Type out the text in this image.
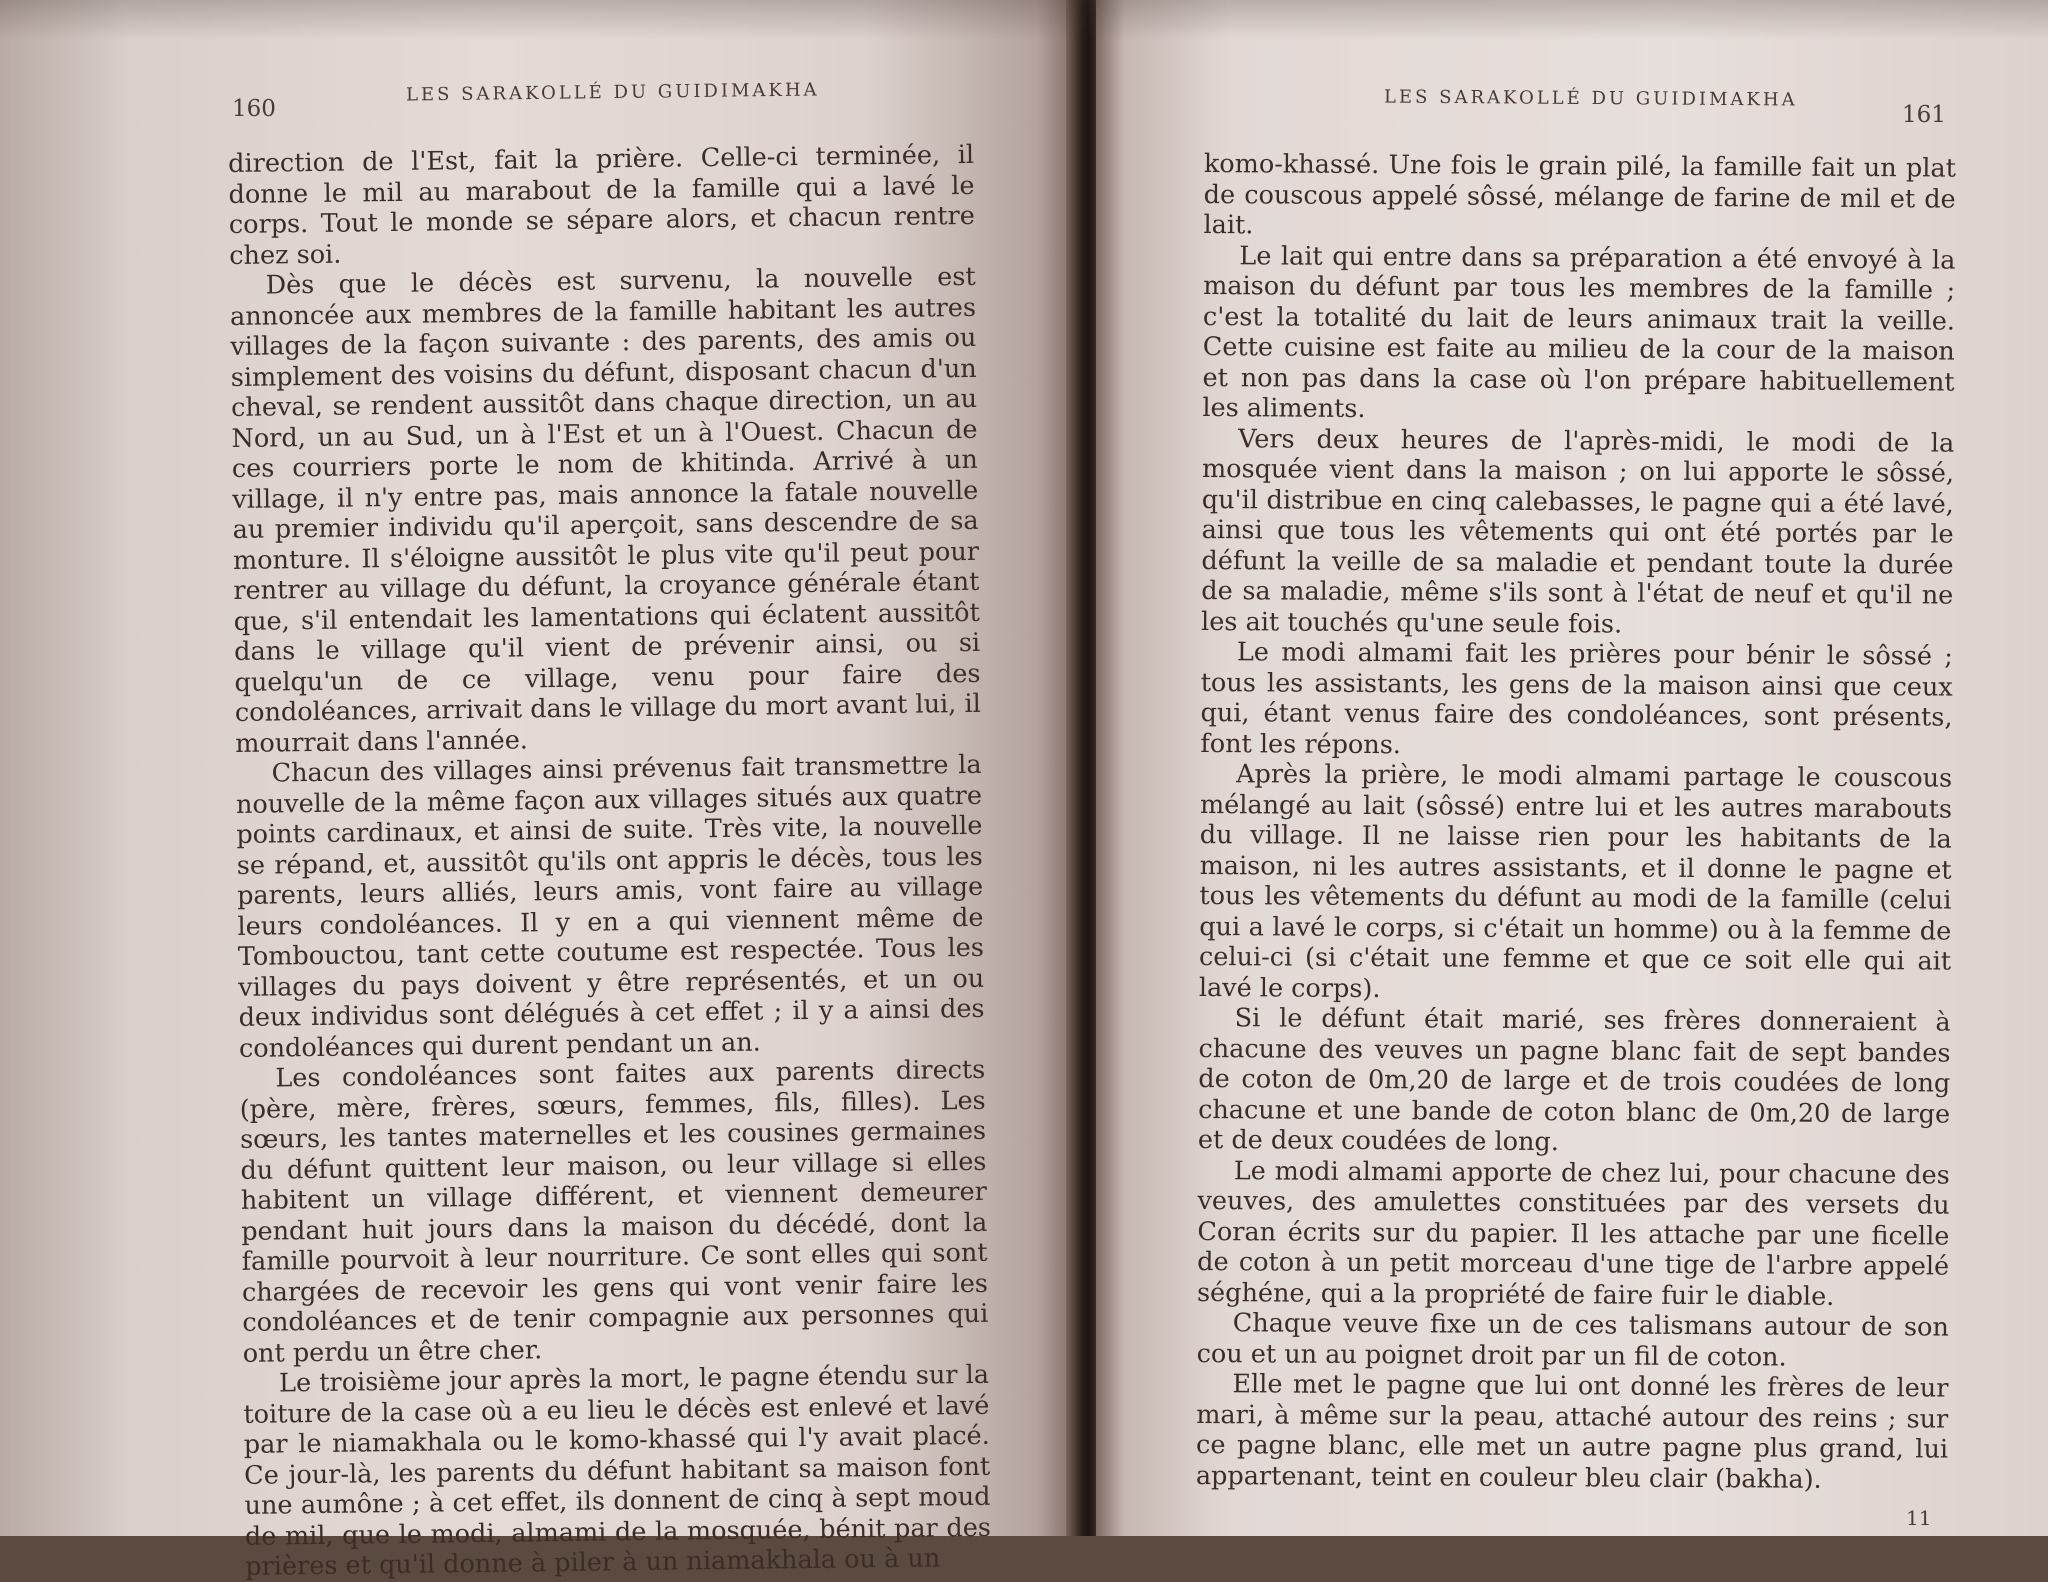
160
LES SARAKOLLÉ DU GUIDIMAKHA

direction de l'Est, fait la prière. Celle-ci terminée, il donne le mil au marabout de la famille qui a lavé le corps. Tout le monde se sépare alors, et chacun rentre chez soi.

Dès que le décès est survenu, la nouvelle est annoncée aux membres de la famille habitant les autres villages de la façon suivante : des parents, des amis ou simplement des voisins du défunt, disposant chacun d'un cheval, se rendent aussitôt dans chaque direction, un au Nord, un au Sud, un à l'Est et un à l'Ouest. Chacun de ces courriers porte le nom de khitinda. Arrivé à un village, il n'y entre pas, mais annonce la fatale nouvelle au premier individu qu'il aperçoit, sans descendre de sa monture. Il s'éloigne aussitôt le plus vite qu'il peut pour rentrer au village du défunt, la croyance générale étant que, s'il entendait les lamentations qui éclatent aussitôt dans le village qu'il vient de prévenir ainsi, ou si quelqu'un de ce village, venu pour faire des condoléances, arrivait dans le village du mort avant lui, il mourrait dans l'année.

Chacun des villages ainsi prévenus fait transmettre la nouvelle de la même façon aux villages situés aux quatre points cardinaux, et ainsi de suite. Très vite, la nouvelle se répand, et, aussitôt qu'ils ont appris le décès, tous les parents, leurs alliés, leurs amis, vont faire au village leurs condoléances. Il y en a qui viennent même de Tombouctou, tant cette coutume est respectée. Tous les villages du pays doivent y être représentés, et un ou deux individus sont délégués à cet effet ; il y a ainsi des condoléances qui durent pendant un an.

Les condoléances sont faites aux parents directs (père, mère, frères, sœurs, femmes, fils, filles). Les sœurs, les tantes maternelles et les cousines germaines du défunt quittent leur maison, ou leur village si elles habitent un village différent, et viennent demeurer pendant huit jours dans la maison du décédé, dont la famille pourvoit à leur nourriture. Ce sont elles qui sont chargées de recevoir les gens qui vont venir faire les condoléances et de tenir compagnie aux personnes qui ont perdu un être cher.

Le troisième jour après la mort, le pagne étendu sur la toiture de la case où a eu lieu le décès est enlevé et lavé par le niamakhala ou le komo-khassé qui l'y avait placé. Ce jour-là, les parents du défunt habitant sa maison font une aumône ; à cet effet, ils donnent de cinq à sept moud de mil, que le modi, almami de la mosquée, bénit par des prières et qu'il donne à piler à un niamakhala ou à un

LES SARAKOLLÉ DU GUIDIMAKHA
161

komo-khassé. Une fois le grain pilé, la famille fait un plat de couscous appelé sôssé, mélange de farine de mil et de lait.

Le lait qui entre dans sa préparation a été envoyé à la maison du défunt par tous les membres de la famille ; c'est la totalité du lait de leurs animaux trait la veille. Cette cuisine est faite au milieu de la cour de la maison et non pas dans la case où l'on prépare habituellement les aliments.

Vers deux heures de l'après-midi, le modi de la mosquée vient dans la maison ; on lui apporte le sôssé, qu'il distribue en cinq calebasses, le pagne qui a été lavé, ainsi que tous les vêtements qui ont été portés par le défunt la veille de sa maladie et pendant toute la durée de sa maladie, même s'ils sont à l'état de neuf et qu'il ne les ait touchés qu'une seule fois.

Le modi almami fait les prières pour bénir le sôssé ; tous les assistants, les gens de la maison ainsi que ceux qui, étant venus faire des condoléances, sont présents, font les répons.

Après la prière, le modi almami partage le couscous mélangé au lait (sôssé) entre lui et les autres marabouts du village. Il ne laisse rien pour les habitants de la maison, ni les autres assistants, et il donne le pagne et tous les vêtements du défunt au modi de la famille (celui qui a lavé le corps, si c'était un homme) ou à la femme de celui-ci (si c'était une femme et que ce soit elle qui ait lavé le corps).

Si le défunt était marié, ses frères donneraient à chacune des veuves un pagne blanc fait de sept bandes de coton de 0m,20 de large et de trois coudées de long chacune et une bande de coton blanc de 0m,20 de large et de deux coudées de long.

Le modi almami apporte de chez lui, pour chacune des veuves, des amulettes constituées par des versets du Coran écrits sur du papier. Il les attache par une ficelle de coton à un petit morceau d'une tige de l'arbre appelé séghéne, qui a la propriété de faire fuir le diable.

Chaque veuve fixe un de ces talismans autour de son cou et un au poignet droit par un fil de coton.

Elle met le pagne que lui ont donné les frères de leur mari, à même sur la peau, attaché autour des reins ; sur ce pagne blanc, elle met un autre pagne plus grand, lui appartenant, teint en couleur bleu clair (bakha).

11
